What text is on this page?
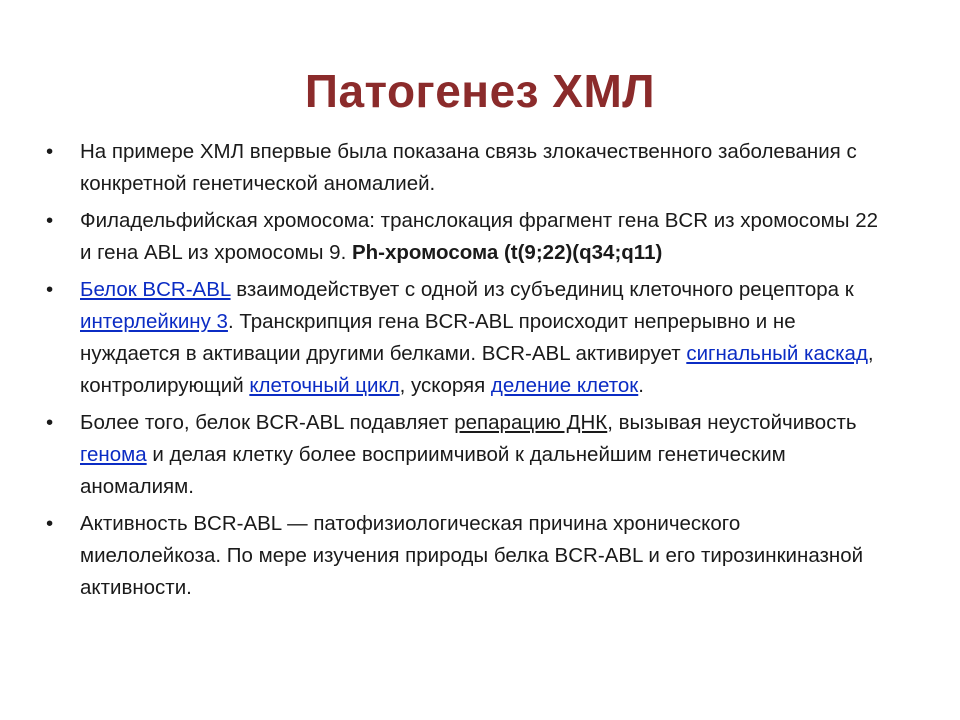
Патогенез ХМЛ
• На примере ХМЛ впервые была показана связь злокачественного заболевания с конкретной генетической аномалией.
• Филадельфийская хромосома: транслокация фрагмент гена BCR из хромосомы 22 и гена ABL из хромосомы 9. Ph-хромосома (t(9;22)(q34;q11)
• Белок BCR-ABL взаимодействует с одной из субъединиц клеточного рецептора к интерлейкину 3. Транскрипция гена BCR-ABL происходит непрерывно и не нуждается в активации другими белками. BCR-ABL активирует сигнальный каскад, контролирующий клеточный цикл, ускоряя деление клеток.
• Более того, белок BCR-ABL подавляет репарацию ДНК, вызывая неустойчивость генома и делая клетку более восприимчивой к дальнейшим генетическим аномалиям.
• Активность BCR-ABL — патофизиологическая причина хронического миелолейкоза. По мере изучения природы белка BCR-ABL и его тирозинкиназной активности.
